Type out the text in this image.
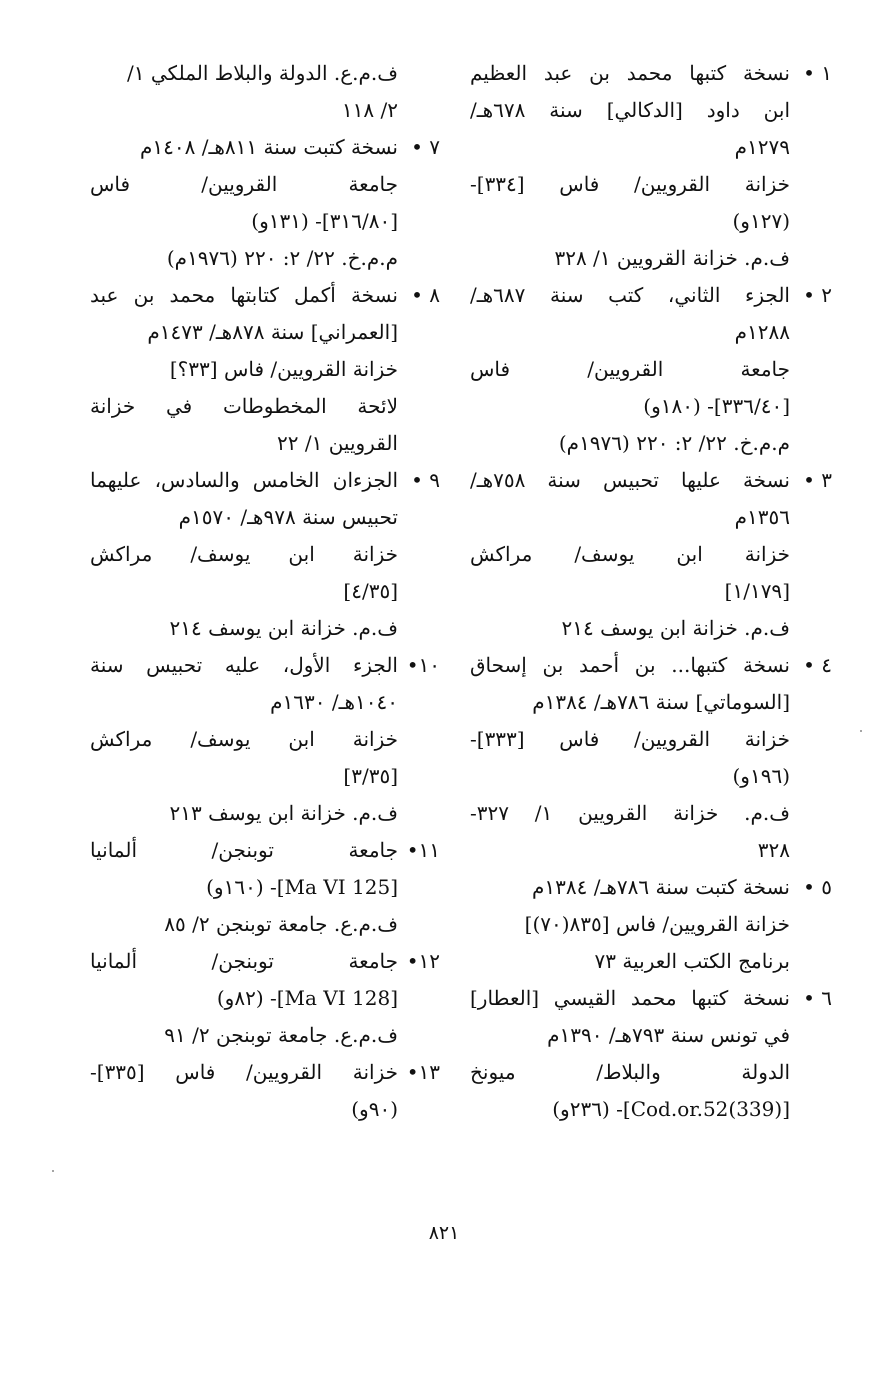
١ •
نسخة كتبها محمد بن عبد العظيم
ابن داود [الدكالي] سنة ٦٧٨هـ/
١٢٧٩م
خزانة القرويين/ فاس [٣٣٤]-
(١٢٧و)
ف.م. خزانة القرويين ١/ ٣٢٨
٢ •
الجزء الثاني، كتب سنة ٦٨٧هـ/
١٢٨٨م
جامعة القرويين/ فاس
[٣٣٦/٤٠]- (١٨٠و)
م.م.خ. ٢٢/ ٢: ٢٢٠ (١٩٧٦م)
٣ •
نسخة عليها تحبيس سنة ٧٥٨هـ/
١٣٥٦م
خزانة ابن يوسف/ مراكش
[١/١٧٩]
ف.م. خزانة ابن يوسف ٢١٤
٤ •
نسخة كتبها... بن أحمد بن إسحاق
[السوماتي] سنة ٧٨٦هـ/ ١٣٨٤م
خزانة القرويين/ فاس [٣٣٣]-
(١٩٦و)
ف.م. خزانة القرويين ١/ ٣٢٧-
٣٢٨
٥ •
نسخة كتبت سنة ٧٨٦هـ/ ١٣٨٤م
خزانة القرويين/ فاس [٨٣٥(٧٠)]
برنامج الكتب العربية ٧٣
٦ •
نسخة كتبها محمد القيسي [العطار]
في تونس سنة ٧٩٣هـ/ ١٣٩٠م
الدولة والبلاط/ ميونخ
[Cod.or.52(339)]- (٢٣٦و)
ف.م.ع. الدولة والبلاط الملكي ١/
٢/ ١١٨
٧ •
نسخة كتبت سنة ٨١١هـ/ ١٤٠٨م
جامعة القرويين/ فاس
[٣١٦/٨٠]- (١٣١و)
م.م.خ. ٢٢/ ٢: ٢٢٠ (١٩٧٦م)
٨ •
نسخة أكمل كتابتها محمد بن عبد
[العمراني] سنة ٨٧٨هـ/ ١٤٧٣م
خزانة القرويين/ فاس [٣٣؟]
لائحة المخطوطات في خزانة
القرويين ١/ ٢٢
٩ •
الجزءان الخامس والسادس، عليهما
تحبيس سنة ٩٧٨هـ/ ١٥٧٠م
خزانة ابن يوسف/ مراكش
[٤/٣٥]
ف.م. خزانة ابن يوسف ٢١٤
١٠•
الجزء الأول، عليه تحبيس سنة
١٠٤٠هـ/ ١٦٣٠م
خزانة ابن يوسف/ مراكش
[٣/٣٥]
ف.م. خزانة ابن يوسف ٢١٣
١١•
جامعة توبنجن/ ألمانيا
[Ma VI 125]- (١٦٠و)
ف.م.ع. جامعة توبنجن ٢/ ٨٥
١٢•
جامعة توبنجن/ ألمانيا
[Ma VI 128]- (٨٢و)
ف.م.ع. جامعة توبنجن ٢/ ٩١
١٣•
خزانة القرويين/ فاس [٣٣٥]-
(٩٠و)
٨٢١
